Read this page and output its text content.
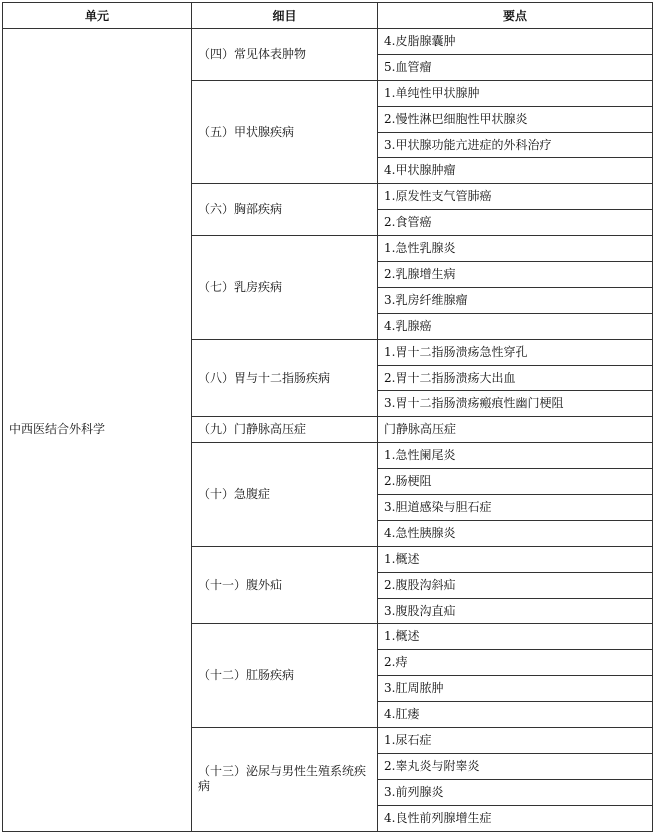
单元	细目	要点
中西医结合外科学	（四）常见体表肿物	4.皮脂腺囊肿
		5.血管瘤
	（五）甲状腺疾病	1.单纯性甲状腺肿
		2.慢性淋巴细胞性甲状腺炎
		3.甲状腺功能亢进症的外科治疗
		4.甲状腺肿瘤
	（六）胸部疾病	1.原发性支气管肺癌
		2.食管癌
	（七）乳房疾病	1.急性乳腺炎
		2.乳腺增生病
		3.乳房纤维腺瘤
		4.乳腺癌
	（八）胃与十二指肠疾病	1.胃十二指肠溃疡急性穿孔
		2.胃十二指肠溃疡大出血
		3.胃十二指肠溃疡瘢痕性幽门梗阻
	（九）门静脉高压症	门静脉高压症
	（十）急腹症	1.急性阑尾炎
		2.肠梗阻
		3.胆道感染与胆石症
		4.急性胰腺炎
	（十一）腹外疝	1.概述
		2.腹股沟斜疝
		3.腹股沟直疝
	（十二）肛肠疾病	1.概述
		2.痔
		3.肛周脓肿
		4.肛瘘
	（十三）泌尿与男性生殖系统疾病	1.尿石症
		2.睾丸炎与附睾炎
		3.前列腺炎
		4.良性前列腺增生症
